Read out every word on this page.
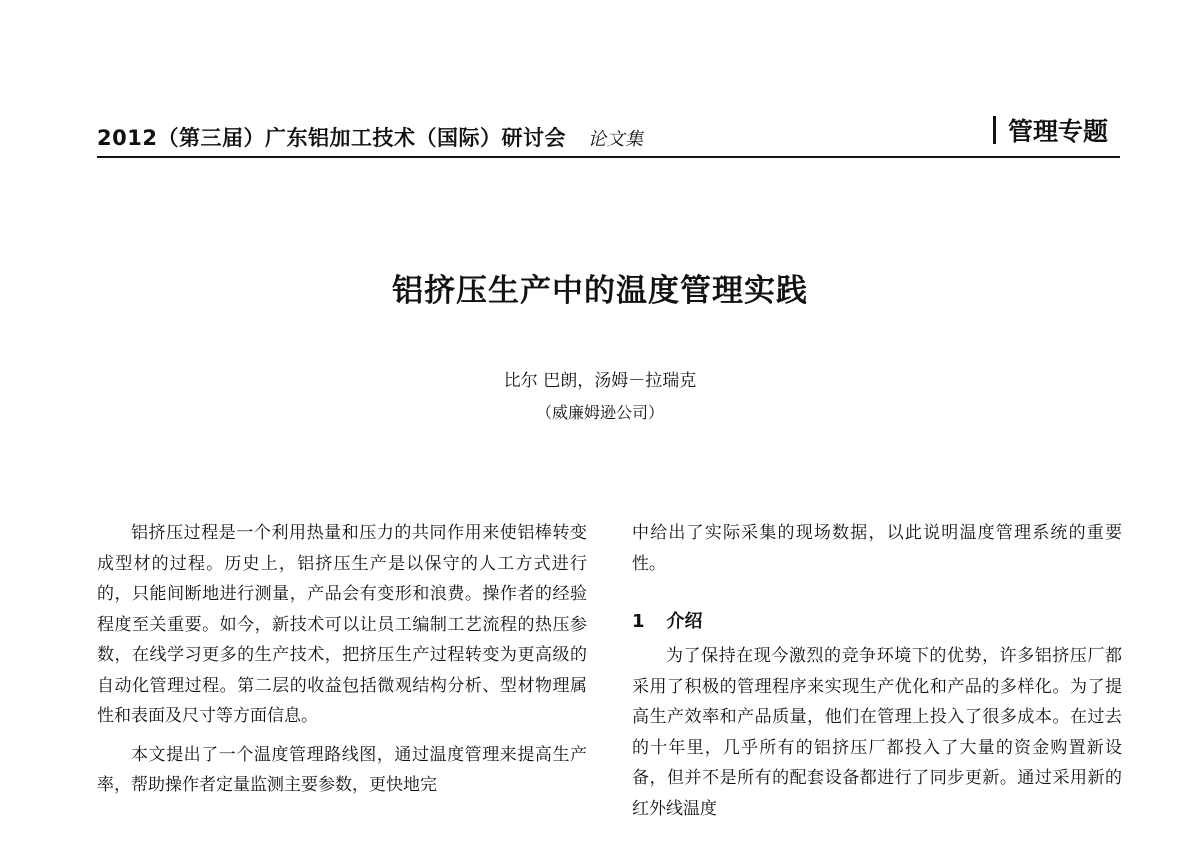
2012（第三届）广东铝加工技术（国际）研讨会 论文集	管理专题
铝挤压生产中的温度管理实践
比尔 巴朗，汤姆－拉瑞克
（威廉姆逊公司）

铝挤压过程是一个利用热量和压力的共同作用来使铝棒转变成型材的过程。历史上，铝挤压生产是以保守的人工方式进行的，只能间断地进行测量，产品会有变形和浪费。操作者的经验程度至关重要。如今，新技术可以让员工编制工艺流程的热压参数，在线学习更多的生产技术，把挤压生产过程转变为更高级的自动化管理过程。第二层的收益包括微观结构分析、型材物理属性和表面及尺寸等方面信息。

本文提出了一个温度管理路线图，通过温度管理来提高生产率，帮助操作者定量监测主要参数，更快地完

中给出了实际采集的现场数据，以此说明温度管理系统的重要性。

1 介绍

为了保持在现今激烈的竞争环境下的优势，许多铝挤压厂都采用了积极的管理程序来实现生产优化和产品的多样化。为了提高生产效率和产品质量，他们在管理上投入了很多成本。在过去的十年里，几乎所有的铝挤压厂都投入了大量的资金购置新设备，但并不是所有的配套设备都进行了同步更新。通过采用新的红外线温度
